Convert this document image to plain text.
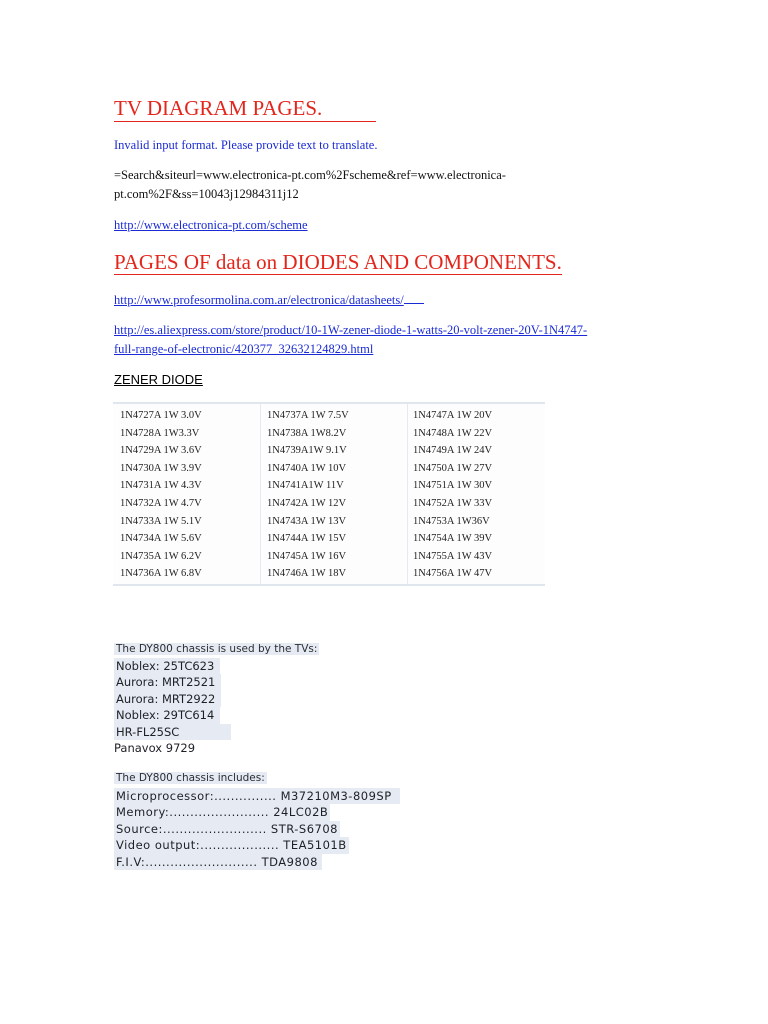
TV DIAGRAM PAGES.
Invalid input format. Please provide text to translate.
=Search&siteurl=www.electronica-pt.com%2Fscheme&ref=www.electronica-
pt.com%2F&ss=10043j12984311j12
http://www.electronica-pt.com/scheme
PAGES OF data on DIODES AND COMPONENTS.
http://www.profesormolina.com.ar/electronica/datasheets/
http://es.aliexpress.com/store/product/10-1W-zener-diode-1-watts-20-volt-zener-20V-1N4747-
full-range-of-electronic/420377_32632124829.html
ZENER DIODE
1N4727A 1W 3.0V
1N4728A 1W3.3V
1N4729A 1W 3.6V
1N4730A 1W 3.9V
1N4731A 1W 4.3V
1N4732A 1W 4.7V
1N4733A 1W 5.1V
1N4734A 1W 5.6V
1N4735A 1W 6.2V
1N4736A 1W 6.8V
1N4737A 1W 7.5V
1N4738A 1W8.2V
1N4739A1W 9.1V
1N4740A 1W 10V
1N4741A1W 11V
1N4742A 1W 12V
1N4743A 1W 13V
1N4744A 1W 15V
1N4745A 1W 16V
1N4746A 1W 18V
1N4747A 1W 20V
1N4748A 1W 22V
1N4749A 1W 24V
1N4750A 1W 27V
1N4751A 1W 30V
1N4752A 1W 33V
1N4753A 1W36V
1N4754A 1W 39V
1N4755A 1W 43V
1N4756A 1W 47V
The DY800 chassis is used by the TVs:
Noblex: 25TC623
Aurora: MRT2521
Aurora: MRT2922
Noblex: 29TC614
HR-FL25SC
Panavox 9729
The DY800 chassis includes:
Microprocessor:............... M37210M3-809SP
Memory:........................ 24LC02B
Source:......................... STR-S6708
Video output:................... TEA5101B
F.I.V:........................... TDA9808
